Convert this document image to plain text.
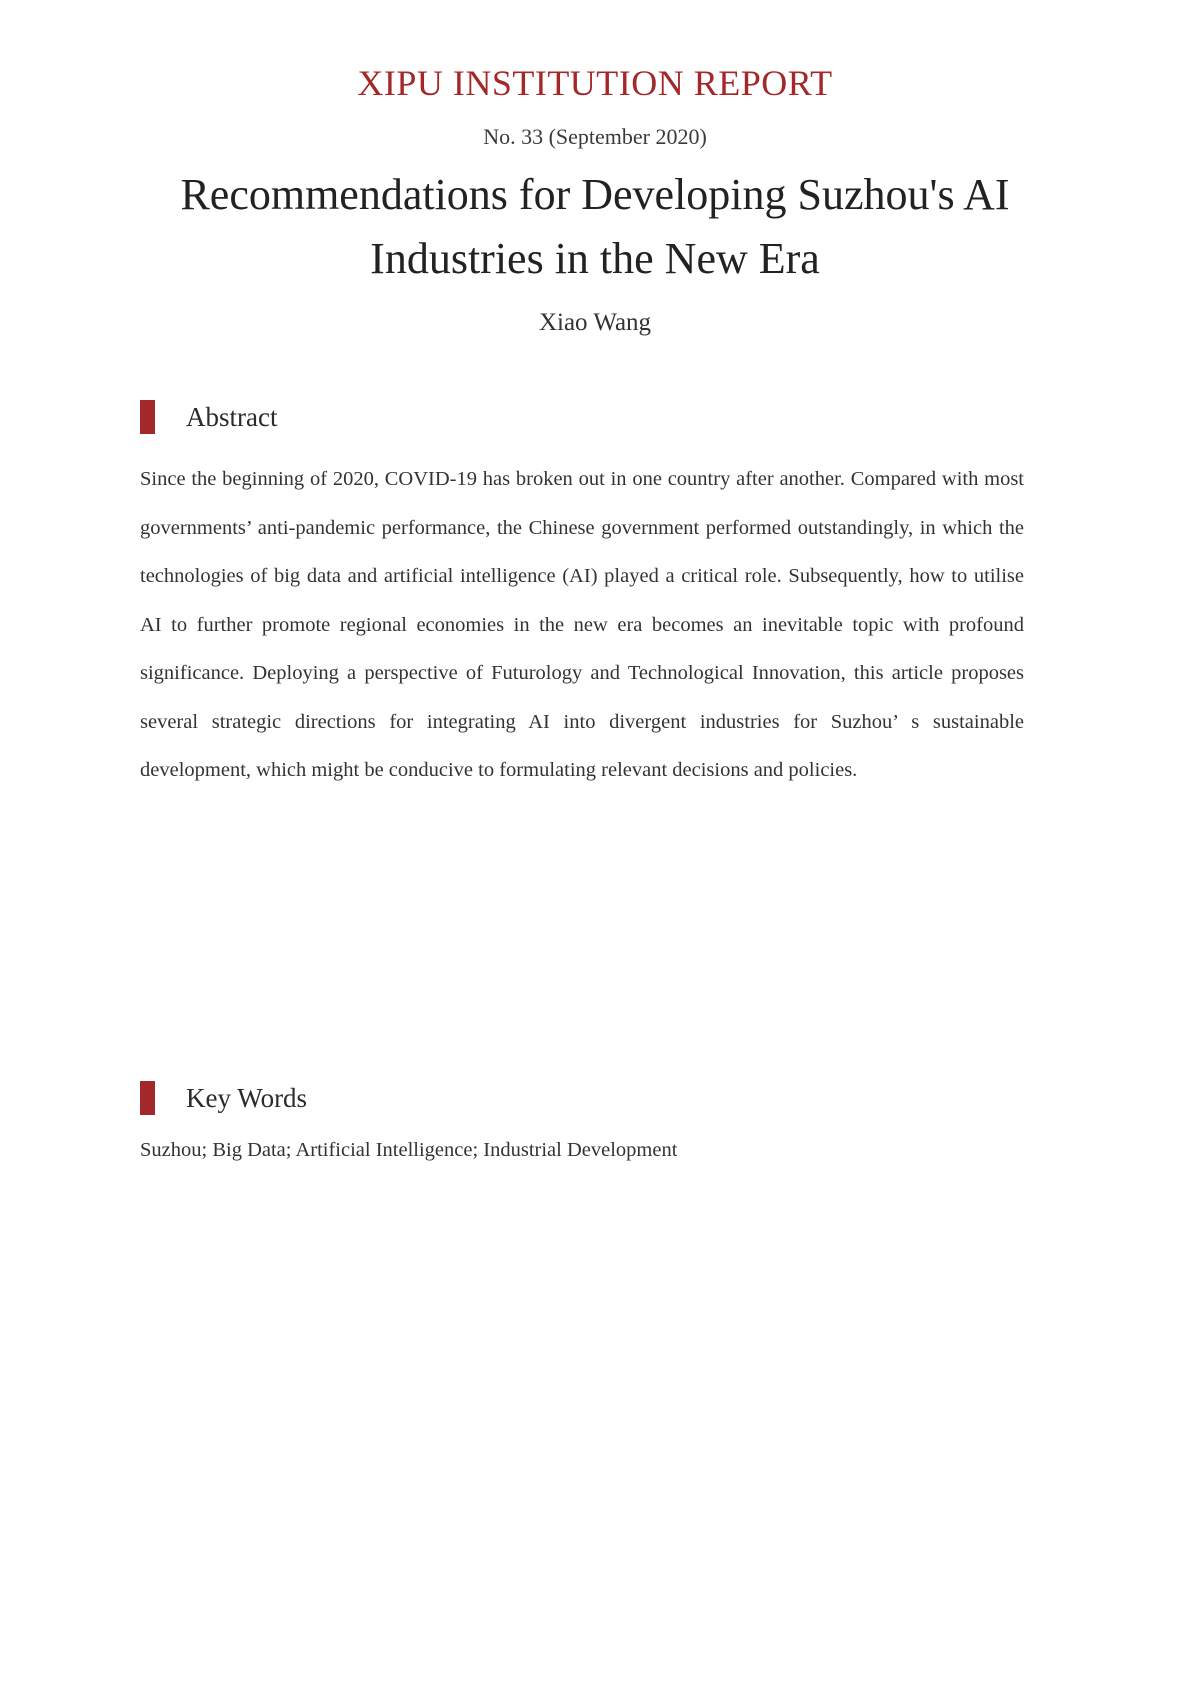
XIPU INSTITUTION REPORT
No. 33 (September 2020)
Recommendations for Developing Suzhou's AI Industries in the New Era
Xiao Wang
Abstract
Since the beginning of 2020, COVID-19 has broken out in one country after another. Compared with most governments’ anti-pandemic performance, the Chinese government performed outstandingly, in which the technologies of big data and artificial intelligence (AI) played a critical role. Subsequently, how to utilise AI to further promote regional economies in the new era becomes an inevitable topic with profound significance. Deploying a perspective of Futurology and Technological Innovation, this article proposes several strategic directions for integrating AI into divergent industries for Suzhou’ s sustainable development, which might be conducive to formulating relevant decisions and policies.
Key Words
Suzhou; Big Data; Artificial Intelligence; Industrial Development
